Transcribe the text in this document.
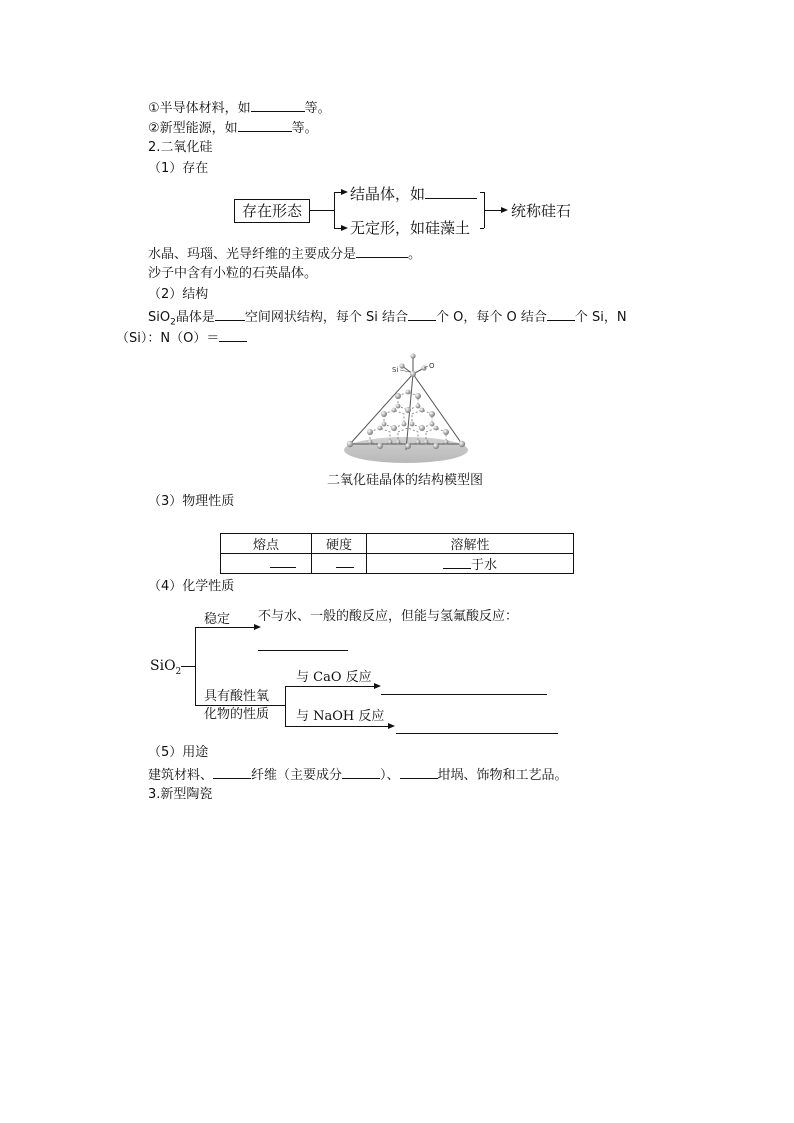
①半导体材料，如	等。
②新型能源，如	等。
2.二氧化硅
（1）存在
存在形态
结晶体，如
无定形，如硅藻土
统称硅石
水晶、玛瑙、光导纤维的主要成分是	。
沙子中含有小粒的石英晶体。
（2）结构
SiO$_2$晶体是 空间网状结构，每个 Si 结合 个 O，每个 O 结合 个 Si，N
（Si）：N（O）＝
Si	O
二氧化硅晶体的结构模型图
（3）物理性质
熔点	硬度	溶解性
		于水
（4）化学性质
SiO$_2$
稳定 不与水、一般的酸反应，但能与氢氟酸反应：
具有酸性氧
化物的性质
与 CaO 反应
与 NaOH 反应
（5）用途
建筑材料、	纤维（主要成分	）、	坩埚、饰物和工艺品。
3.新型陶瓷
